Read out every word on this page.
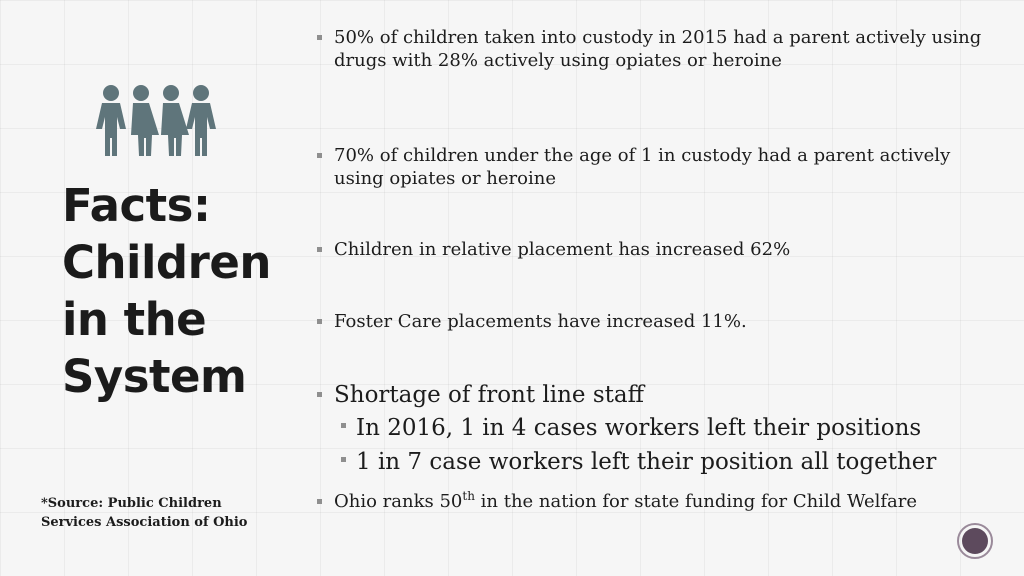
Facts:
Children
in the
System
*Source: Public Children
Services Association of Ohio
50% of children taken into custody in 2015 had a parent actively using drugs with 28% actively using opiates or heroine
70% of children under the age of 1 in custody had a parent actively using opiates or heroine
Children in relative placement has increased 62%
Foster Care placements have increased 11%.
Shortage of front line staff
In 2016, 1 in 4 cases workers left their positions
1 in 7 case workers left their position all together
Ohio ranks 50th in the nation for state funding for Child Welfare
